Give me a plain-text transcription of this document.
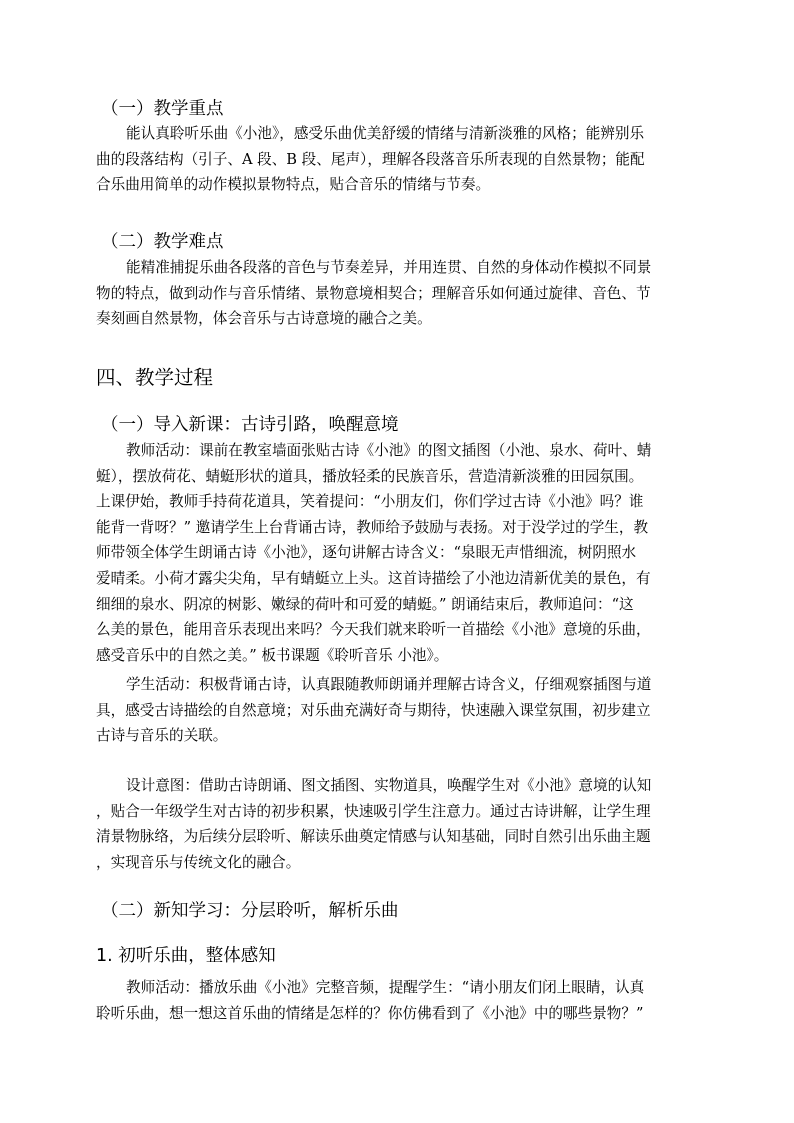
（一）教学重点
能认真聆听乐曲《小池》，感受乐曲优美舒缓的情绪与清新淡雅的风格；能辨别乐
曲的段落结构（引子、A 段、B 段、尾声），理解各段落音乐所表现的自然景物；能配
合乐曲用简单的动作模拟景物特点，贴合音乐的情绪与节奏。
（二）教学难点
能精准捕捉乐曲各段落的音色与节奏差异，并用连贯、自然的身体动作模拟不同景
物的特点，做到动作与音乐情绪、景物意境相契合；理解音乐如何通过旋律、音色、节
奏刻画自然景物，体会音乐与古诗意境的融合之美。
四、教学过程
（一）导入新课：古诗引路，唤醒意境
教师活动：课前在教室墙面张贴古诗《小池》的图文插图（小池、泉水、荷叶、蜻
蜓），摆放荷花、蜻蜓形状的道具，播放轻柔的民族音乐，营造清新淡雅的田园氛围。
上课伊始，教师手持荷花道具，笑着提问：“小朋友们，你们学过古诗《小池》吗？谁
能背一背呀？” 邀请学生上台背诵古诗，教师给予鼓励与表扬。对于没学过的学生，教
师带领全体学生朗诵古诗《小池》，逐句讲解古诗含义：“泉眼无声惜细流，树阴照水
爱晴柔。小荷才露尖尖角，早有蜻蜓立上头。这首诗描绘了小池边清新优美的景色，有
细细的泉水、阴凉的树影、嫩绿的荷叶和可爱的蜻蜓。” 朗诵结束后，教师追问：“这
么美的景色，能用音乐表现出来吗？今天我们就来聆听一首描绘《小池》意境的乐曲，
感受音乐中的自然之美。” 板书课题《聆听音乐 小池》。
学生活动：积极背诵古诗，认真跟随教师朗诵并理解古诗含义，仔细观察插图与道
具，感受古诗描绘的自然意境；对乐曲充满好奇与期待，快速融入课堂氛围，初步建立
古诗与音乐的关联。
设计意图：借助古诗朗诵、图文插图、实物道具，唤醒学生对《小池》意境的认知
，贴合一年级学生对古诗的初步积累，快速吸引学生注意力。通过古诗讲解，让学生理
清景物脉络，为后续分层聆听、解读乐曲奠定情感与认知基础，同时自然引出乐曲主题
，实现音乐与传统文化的融合。
（二）新知学习：分层聆听，解析乐曲
1. 初听乐曲，整体感知
教师活动：播放乐曲《小池》完整音频，提醒学生：“请小朋友们闭上眼睛，认真
聆听乐曲，想一想这首乐曲的情绪是怎样的？你仿佛看到了《小池》中的哪些景物？”
